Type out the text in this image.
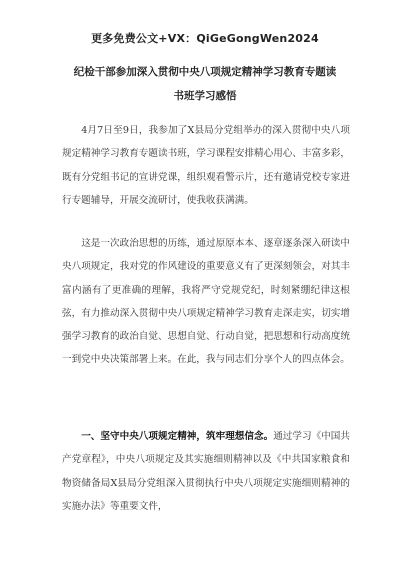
更多免费公文+VX：QiGeGongWen2024
纪检干部参加深入贯彻中央八项规定精神学习教育专题读
书班学习感悟

4月7日至9日，我参加了X县局分党组举办的深入贯彻中央八项规定精神学习教育专题读书班，学习课程安排精心用心、丰富多彩，既有分党组书记的宣讲党课，组织观看警示片，还有邀请党校专家进行专题辅导，开展交流研讨，使我收获满满。

这是一次政治思想的历练，通过原原本本、逐章逐条深入研读中央八项规定，我对党的作风建设的重要意义有了更深刻领会，对其丰富内涵有了更准确的理解，我将严守党规党纪，时刻紧绷纪律这根弦，有力推动深入贯彻中央八项规定精神学习教育走深走实，切实增强学习教育的政治自觉、思想自觉、行动自觉，把思想和行动高度统一到党中央决策部署上来。在此，我与同志们分享个人的四点体会。

一、坚守中央八项规定精神，筑牢理想信念。通过学习《中国共产党章程》，中央八项规定及其实施细则精神以及《中共国家粮食和物资储备局X县局分党组深入贯彻执行中央八项规定实施细则精神的实施办法》等重要文件，
